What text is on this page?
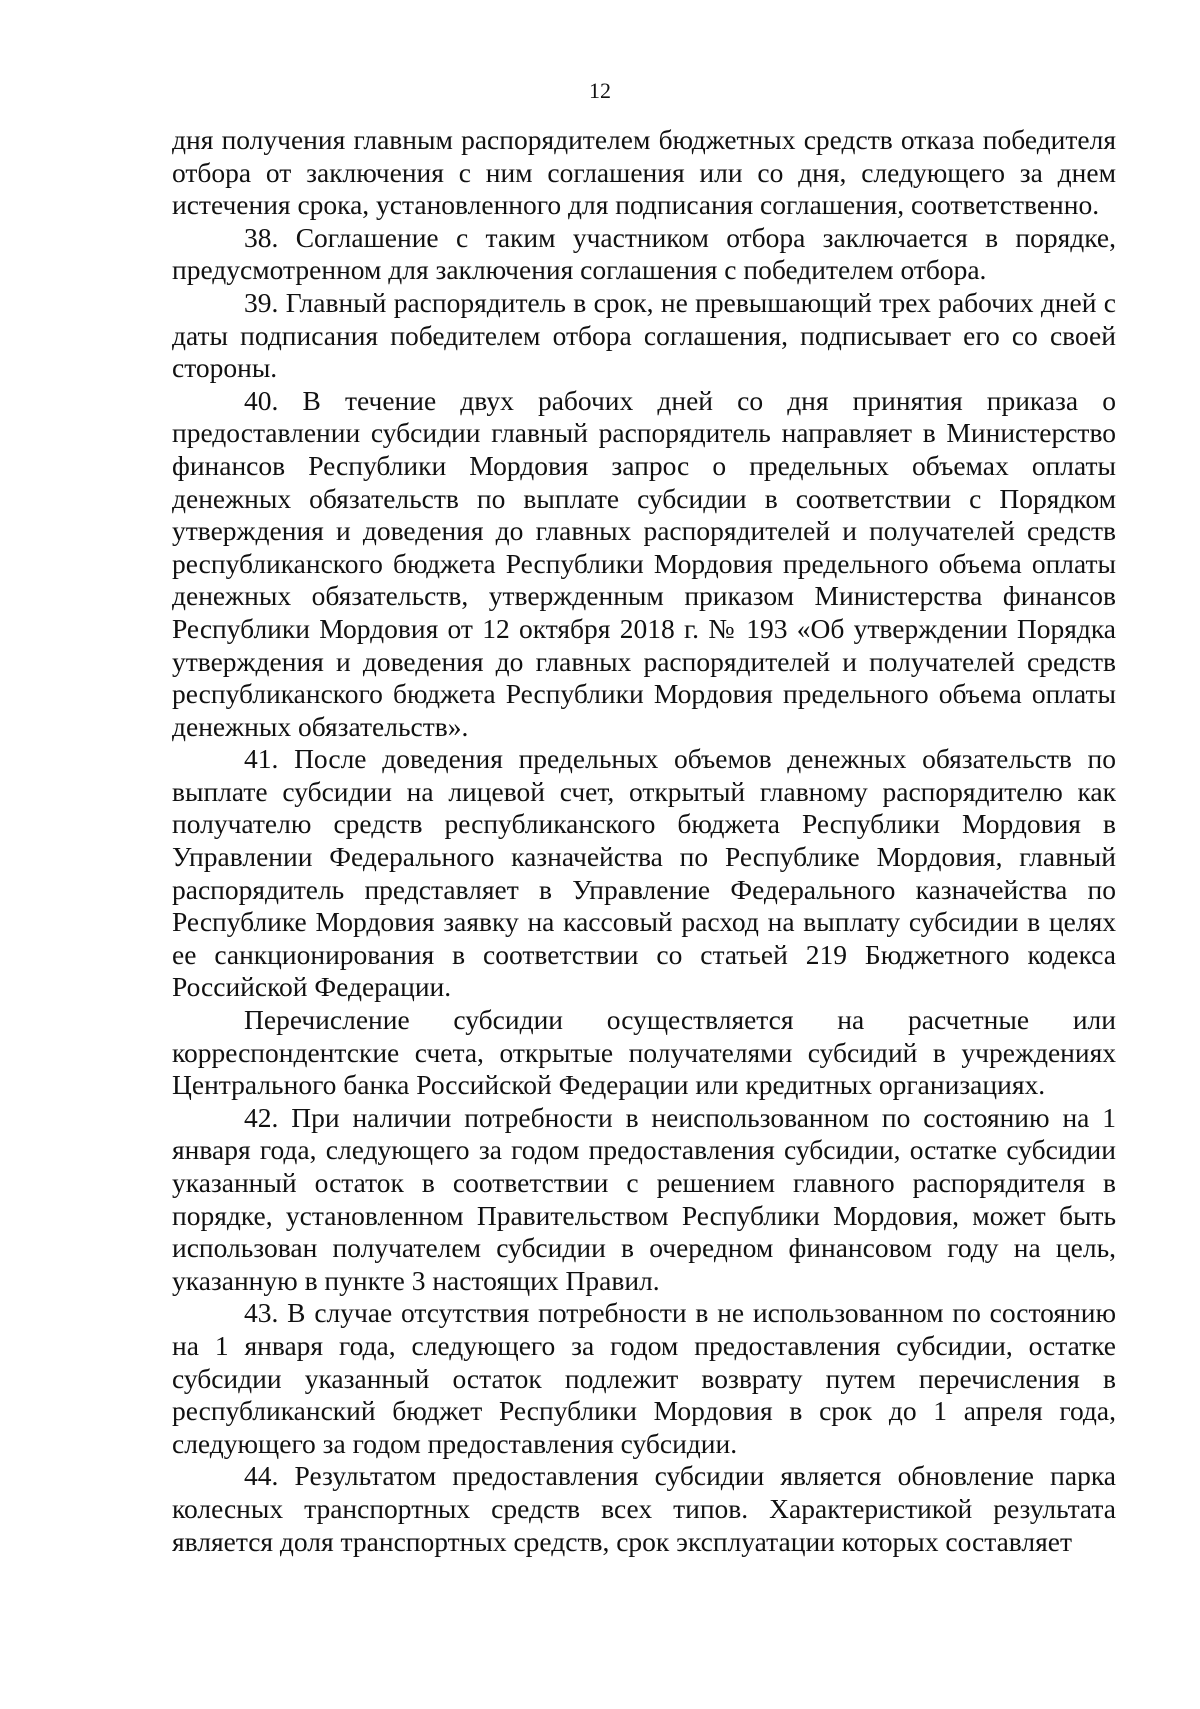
12

дня получения главным распорядителем бюджетных средств отказа победителя отбора от заключения с ним соглашения или со дня, следующего за днем истечения срока, установленного для подписания соглашения, соответственно.

38. Соглашение с таким участником отбора заключается в порядке, предусмотренном для заключения соглашения с победителем отбора.

39. Главный распорядитель в срок, не превышающий трех рабочих дней с даты подписания победителем отбора соглашения, подписывает его со своей стороны.

40. В течение двух рабочих дней со дня принятия приказа о предоставлении субсидии главный распорядитель направляет в Министерство финансов Республики Мордовия запрос о предельных объемах оплаты денежных обязательств по выплате субсидии в соответствии с Порядком утверждения и доведения до главных распорядителей и получателей средств республиканского бюджета Республики Мордовия предельного объема оплаты денежных обязательств, утвержденным приказом Министерства финансов Республики Мордовия от 12 октября 2018 г. № 193 «Об утверждении Порядка утверждения и доведения до главных распорядителей и получателей средств республиканского бюджета Республики Мордовия предельного объема оплаты денежных обязательств».

41. После доведения предельных объемов денежных обязательств по выплате субсидии на лицевой счет, открытый главному распорядителю как получателю средств республиканского бюджета Республики Мордовия в Управлении Федерального казначейства по Республике Мордовия, главный распорядитель представляет в Управление Федерального казначейства по Республике Мордовия заявку на кассовый расход на выплату субсидии в целях ее санкционирования в соответствии со статьей 219 Бюджетного кодекса Российской Федерации.

Перечисление субсидии осуществляется на расчетные или корреспондентские счета, открытые получателями субсидий в учреждениях Центрального банка Российской Федерации или кредитных организациях.

42. При наличии потребности в неиспользованном по состоянию на 1 января года, следующего за годом предоставления субсидии, остатке субсидии указанный остаток в соответствии с решением главного распорядителя в порядке, установленном Правительством Республики Мордовия, может быть использован получателем субсидии в очередном финансовом году на цель, указанную в пункте 3 настоящих Правил.

43. В случае отсутствия потребности в не использованном по состоянию на 1 января года, следующего за годом предоставления субсидии, остатке субсидии указанный остаток подлежит возврату путем перечисления в республиканский бюджет Республики Мордовия в срок до 1 апреля года, следующего за годом предоставления субсидии.

44. Результатом предоставления субсидии является обновление парка колесных транспортных средств всех типов. Характеристикой результата является доля транспортных средств, срок эксплуатации которых составляет
